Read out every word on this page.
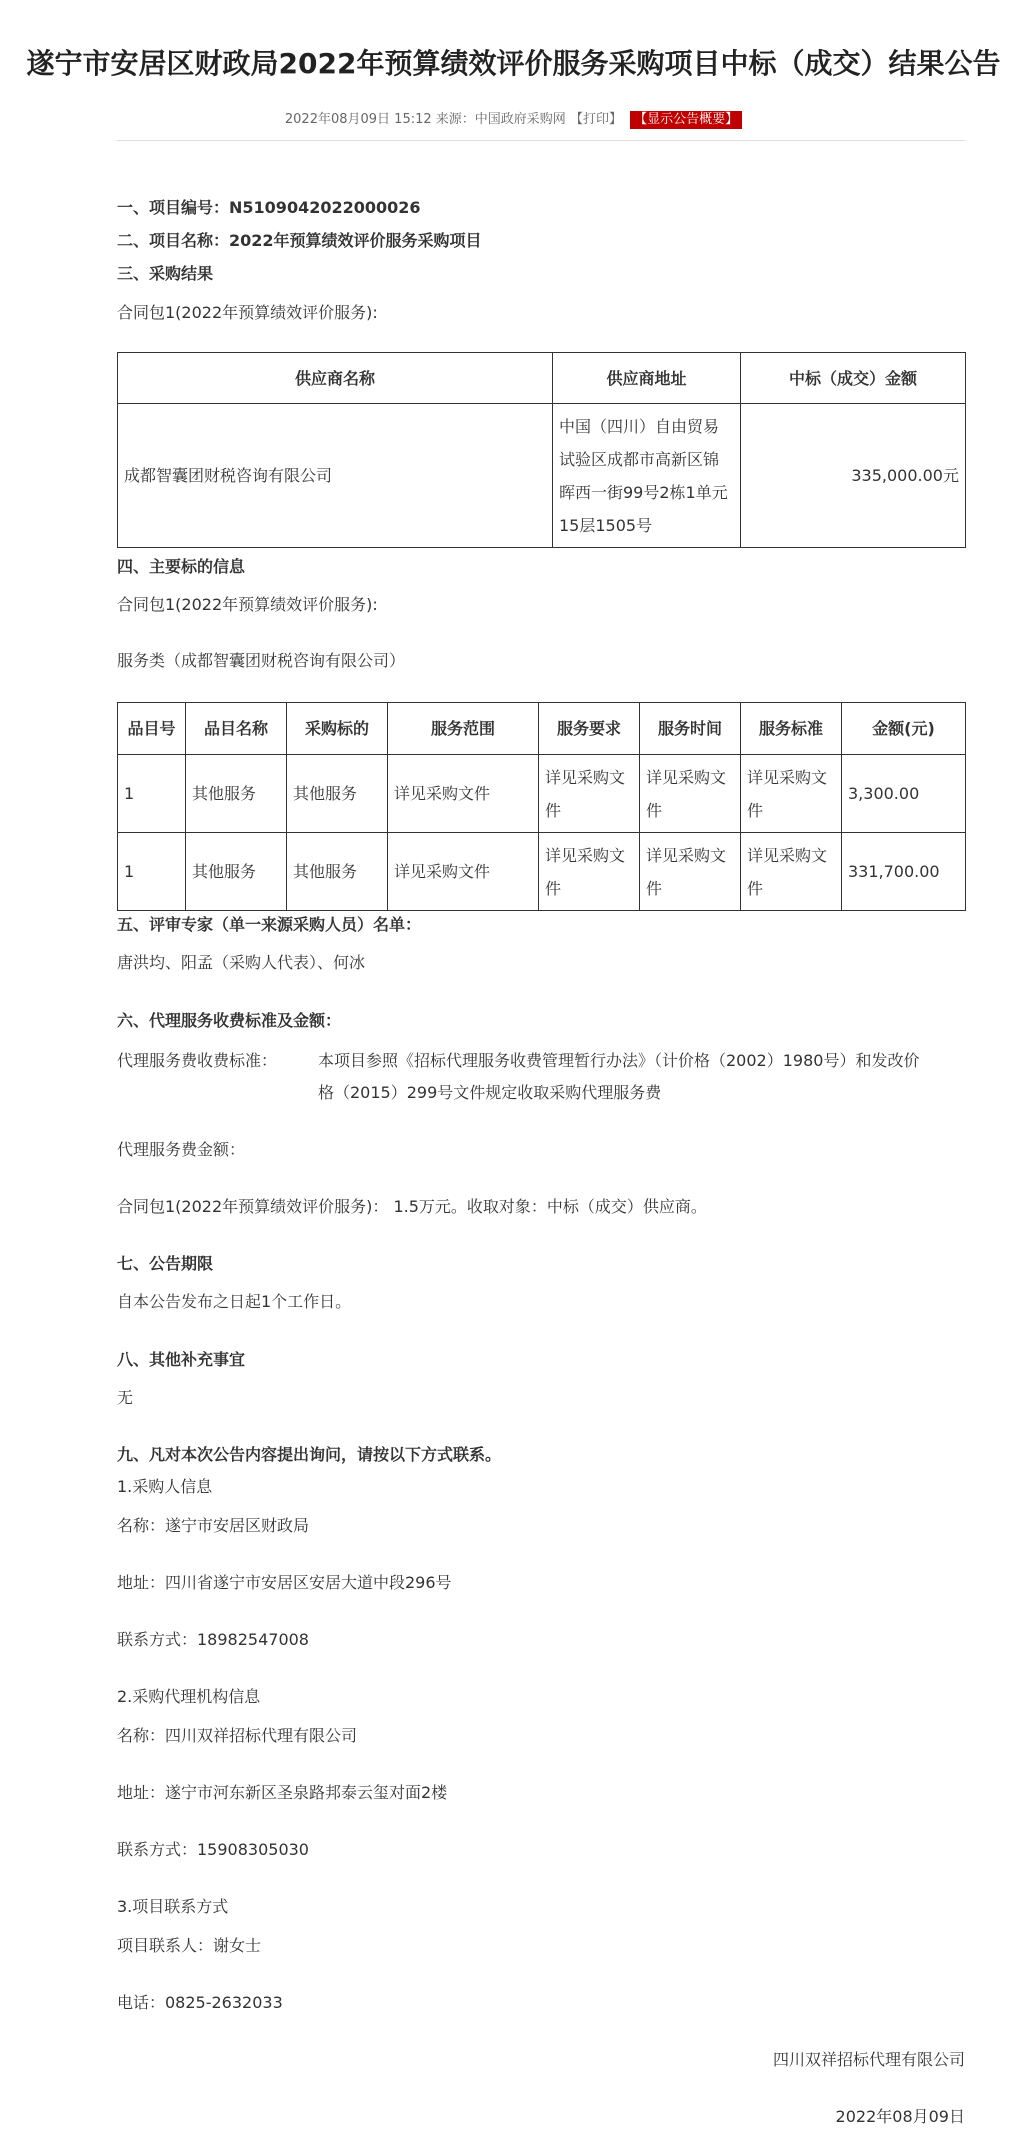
遂宁市安居区财政局2022年预算绩效评价服务采购项目中标（成交）结果公告
2022年08月09日 15:12 来源：中国政府采购网 【打印】 【显示公告概要】
一、项目编号：N5109042022000026
二、项目名称：2022年预算绩效评价服务采购项目
三、采购结果
合同包1(2022年预算绩效评价服务):
供应商名称	供应商地址	中标（成交）金额
成都智囊团财税咨询有限公司	中国（四川）自由贸易试验区成都市高新区锦晖西一街99号2栋1单元15层1505号	335,000.00元
四、主要标的信息
合同包1(2022年预算绩效评价服务):
服务类（成都智囊团财税咨询有限公司）
品目号	品目名称	采购标的	服务范围	服务要求	服务时间	服务标准	金额(元)
1	其他服务	其他服务	详见采购文件	详见采购文件	详见采购文件	详见采购文件	3,300.00
1	其他服务	其他服务	详见采购文件	详见采购文件	详见采购文件	详见采购文件	331,700.00
五、评审专家（单一来源采购人员）名单：
唐洪均、阳孟（采购人代表）、何冰
六、代理服务收费标准及金额：
代理服务费收费标准：	本项目参照《招标代理服务收费管理暂行办法》（计价格（2002）1980号）和发改价
格（2015）299号文件规定收取采购代理服务费
代理服务费金额：
合同包1(2022年预算绩效评价服务)： 1.5万元。收取对象：中标（成交）供应商。
七、公告期限
自本公告发布之日起1个工作日。
八、其他补充事宜
无
九、凡对本次公告内容提出询问，请按以下方式联系。
1.采购人信息
名称：遂宁市安居区财政局
地址：四川省遂宁市安居区安居大道中段296号
联系方式：18982547008
2.采购代理机构信息
名称：四川双祥招标代理有限公司
地址：遂宁市河东新区圣泉路邦泰云玺对面2楼
联系方式：15908305030
3.项目联系方式
项目联系人：谢女士
电话：0825-2632033
四川双祥招标代理有限公司
2022年08月09日
